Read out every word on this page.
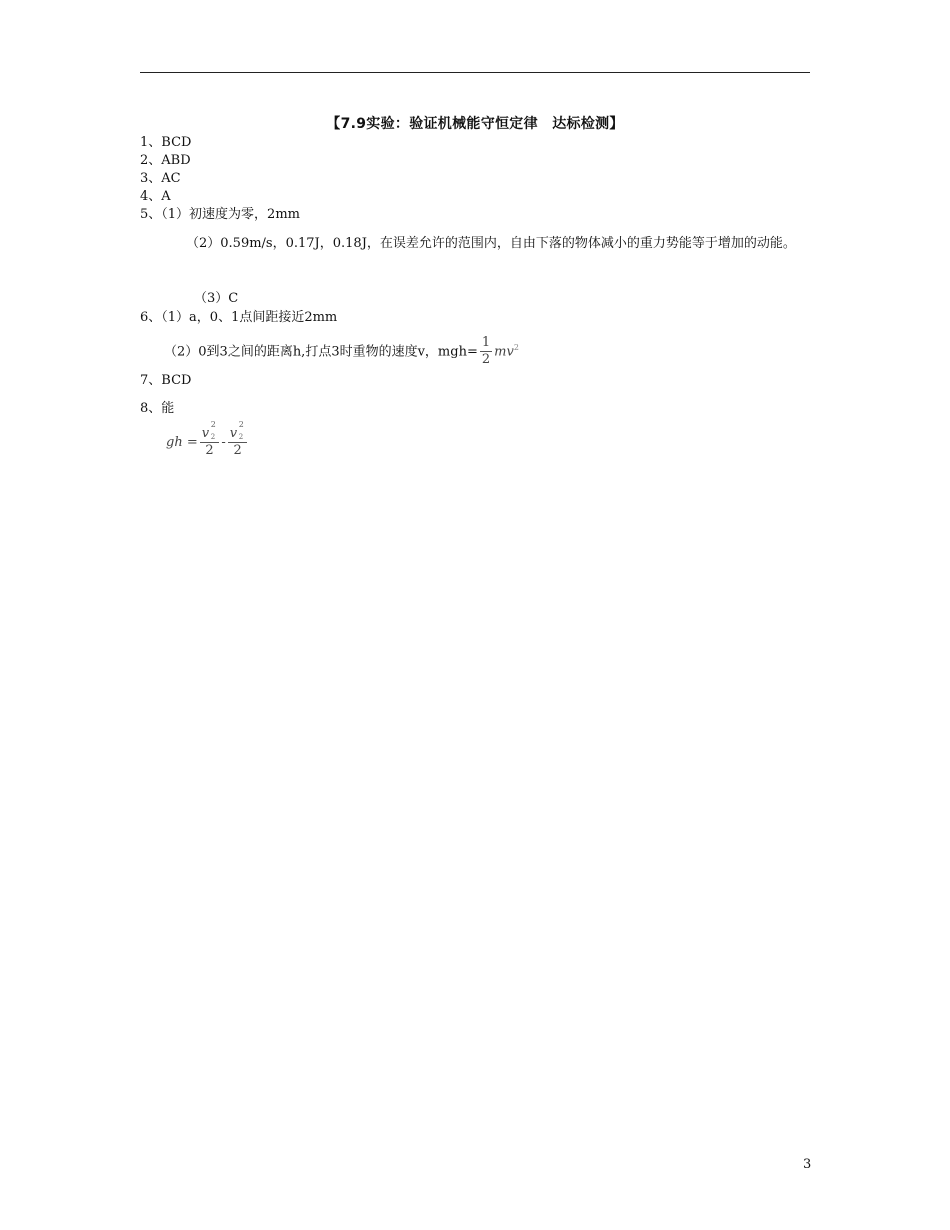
【7.9实验：验证机械能守恒定律　达标检测】
1、BCD
2、ABD
3、AC
4、A
5、（1）初速度为零，2mm
（2）0.59m/s，0.17J，0.18J，在误差允许的范围内，自由下落的物体减小的重力势能等于增加的动能。
（3）C
6、（1）a，0、1点间距接近2mm
（2）0到3之间的距离h,打点3时重物的速度v，$mgh= \frac{1}{2} mv^2$
7、BCD
8、能
gh = v
2
2

2 - v
2
2

2
3
